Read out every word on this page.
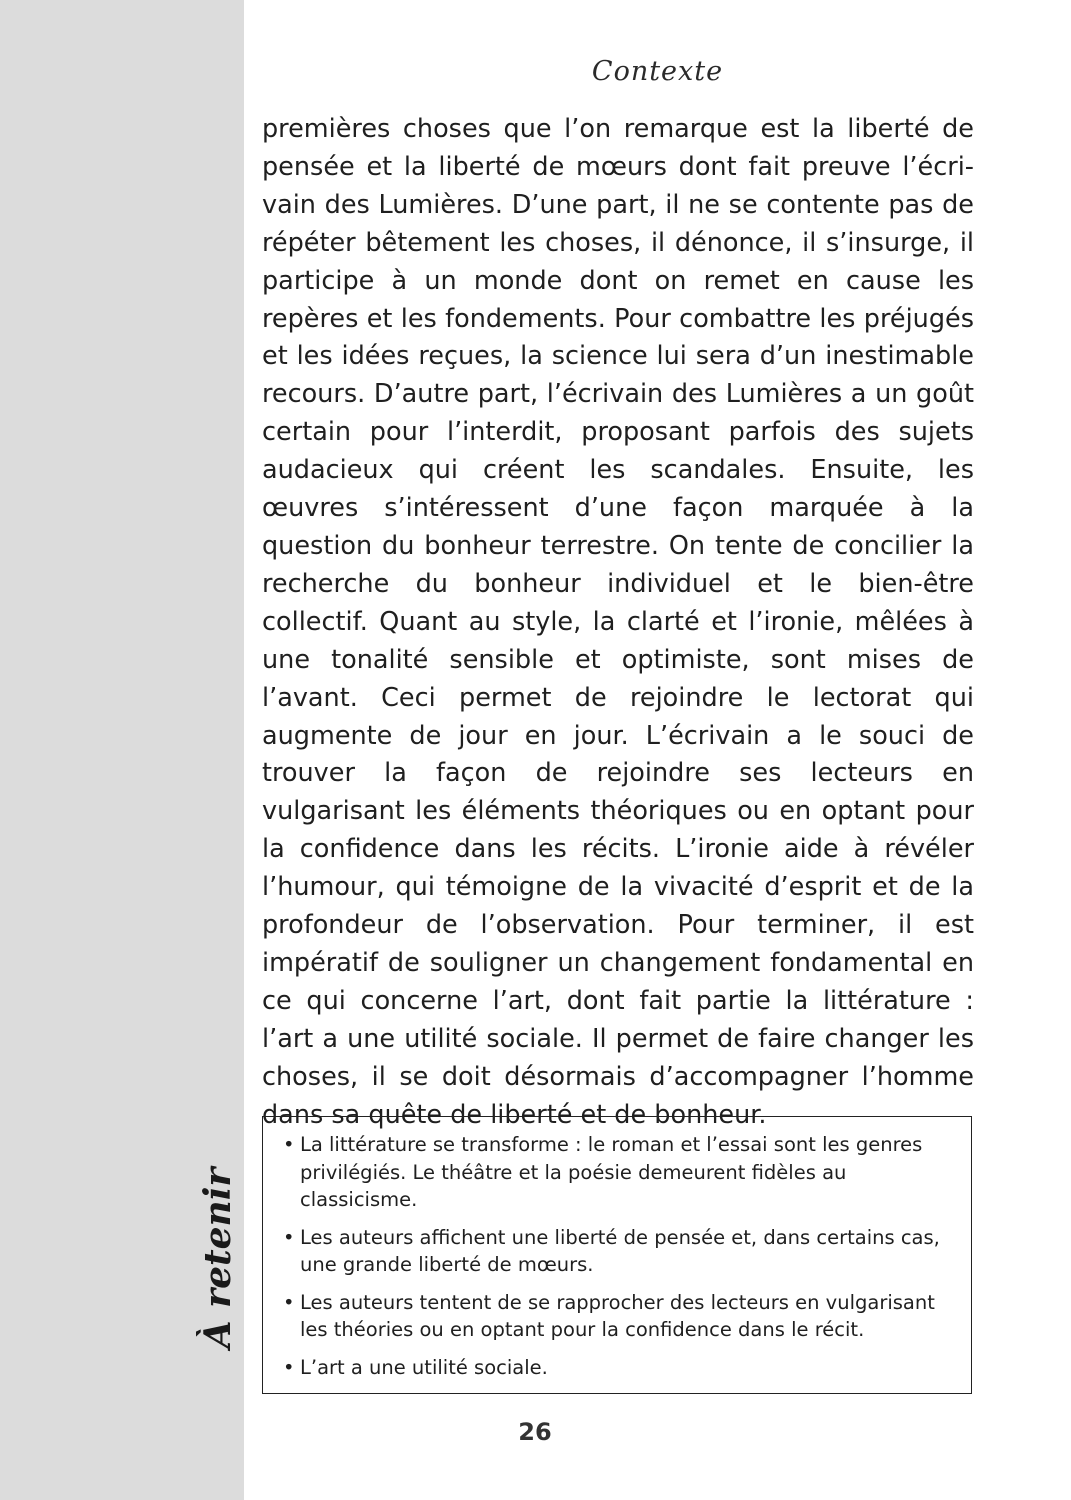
À retenir
Contexte

premières choses que l’on remarque est la liberté de pensée et la liberté de mœurs dont fait preuve l’écrivain des Lumières. D’une part, il ne se contente pas de répéter bêtement les choses, il dénonce, il s’insurge, il participe à un monde dont on remet en cause les repères et les fondements. Pour combattre les préjugés et les idées reçues, la science lui sera d’un inestimable recours. D’autre part, l’écrivain des Lumières a un goût certain pour l’interdit, proposant parfois des sujets audacieux qui créent les scandales. Ensuite, les œuvres s’intéressent d’une façon marquée à la question du bonheur terrestre. On tente de concilier la recherche du bonheur individuel et le bien-être collectif. Quant au style, la clarté et l’ironie, mêlées à une tonalité sensible et optimiste, sont mises de l’avant. Ceci permet de rejoindre le lectorat qui augmente de jour en jour. L’écrivain a le souci de trouver la façon de rejoindre ses lecteurs en vulgarisant les éléments théoriques ou en optant pour la confidence dans les récits. L’ironie aide à révéler l’humour, qui témoigne de la vivacité d’esprit et de la profondeur de l’observation. Pour terminer, il est impératif de souligner un changement fondamental en ce qui concerne l’art, dont fait partie la littérature : l’art a une utilité sociale. Il permet de faire changer les choses, il se doit désormais d’accompagner l’homme dans sa quête de liberté et de bonheur.

• La littérature se transforme : le roman et l’essai sont les genres privilégiés. Le théâtre et la poésie demeurent fidèles au classicisme.
• Les auteurs affichent une liberté de pensée et, dans certains cas, une grande liberté de mœurs.
• Les auteurs tentent de se rapprocher des lecteurs en vulgarisant les théories ou en optant pour la confidence dans le récit.
• L’art a une utilité sociale.
26
